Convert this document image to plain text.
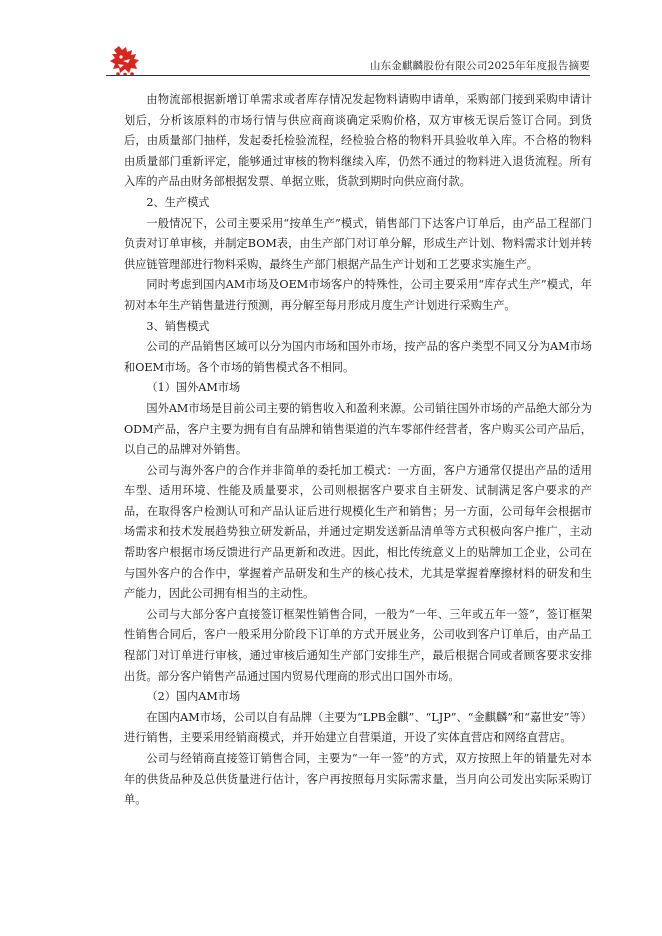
山东金麒麟股份有限公司2025年年度报告摘要

由物流部根据新增订单需求或者库存情况发起物料请购申请单，采购部门接到采购申请计划后，分析该原料的市场行情与供应商商谈确定采购价格，双方审核无误后签订合同。到货后，由质量部门抽样，发起委托检验流程，经检验合格的物料开具验收单入库。不合格的物料由质量部门重新评定，能够通过审核的物料继续入库，仍然不通过的物料进入退货流程。所有入库的产品由财务部根据发票、单据立账，货款到期时向供应商付款。

2、生产模式

一般情况下，公司主要采用“按单生产”模式，销售部门下达客户订单后，由产品工程部门负责对订单审核，并制定BOM表，由生产部门对订单分解，形成生产计划、物料需求计划并转供应链管理部进行物料采购，最终生产部门根据产品生产计划和工艺要求实施生产。

同时考虑到国内AM市场及OEM市场客户的特殊性，公司主要采用“库存式生产”模式，年初对本年生产销售量进行预测，再分解至每月形成月度生产计划进行采购生产。

3、销售模式

公司的产品销售区域可以分为国内市场和国外市场，按产品的客户类型不同又分为AM市场和OEM市场。各个市场的销售模式各不相同。

（1）国外AM市场

国外AM市场是目前公司主要的销售收入和盈利来源。公司销往国外市场的产品绝大部分为ODM产品，客户主要为拥有自有品牌和销售渠道的汽车零部件经营者，客户购买公司产品后，以自己的品牌对外销售。

公司与海外客户的合作并非简单的委托加工模式：一方面，客户方通常仅提出产品的适用车型、适用环境、性能及质量要求，公司则根据客户要求自主研发、试制满足客户要求的产品，在取得客户检测认可和产品认证后进行规模化生产和销售；另一方面，公司每年会根据市场需求和技术发展趋势独立研发新品，并通过定期发送新品清单等方式积极向客户推广，主动帮助客户根据市场反馈进行产品更新和改进。因此，相比传统意义上的贴牌加工企业，公司在与国外客户的合作中，掌握着产品研发和生产的核心技术，尤其是掌握着摩擦材料的研发和生产能力，因此公司拥有相当的主动性。

公司与大部分客户直接签订框架性销售合同，一般为“一年、三年或五年一签”，签订框架性销售合同后，客户一般采用分阶段下订单的方式开展业务，公司收到客户订单后，由产品工程部门对订单进行审核，通过审核后通知生产部门安排生产，最后根据合同或者顾客要求安排出货。部分客户销售产品通过国内贸易代理商的形式出口国外市场。

（2）国内AM市场

在国内AM市场，公司以自有品牌（主要为“LPB金麒”、“LJP”、“金麒麟”和“嘉世安”等）进行销售，主要采用经销商模式，并开始建立自营渠道，开设了实体直营店和网络直营店。

公司与经销商直接签订销售合同，主要为“一年一签”的方式，双方按照上年的销量先对本年的供货品种及总供货量进行估计，客户再按照每月实际需求量，当月向公司发出实际采购订单。
